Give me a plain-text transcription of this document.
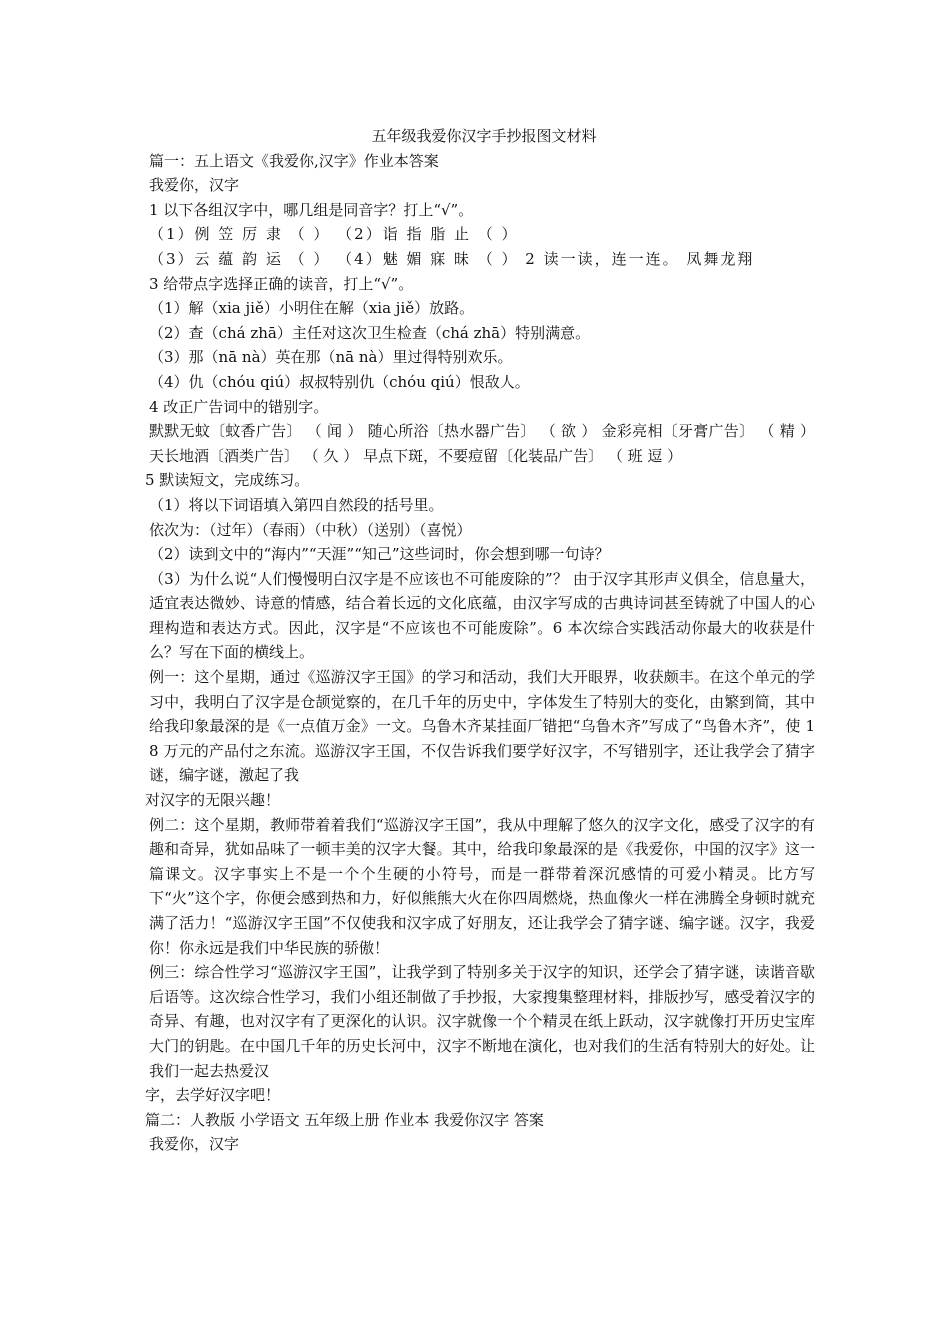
五年级我爱你汉字手抄报图文材料

篇一：五上语文《我爱你,汉字》作业本答案

我爱你，汉字

1 以下各组汉字中，哪几组是同音字？打上“√”。

（1）例 笠 厉 隶 （ ） （2）诣 指 脂 止 （ ）

（3）云 蕴 韵 运 （ ） （4）魅 媚 寐 昧 （ ） 2 读一读，连一连。 凤舞龙翔

3 给带点字选择正确的读音，打上“√”。

（1）解（xia jiě）小明住在解（xia jiě）放路。

（2）查（chá zhā）主任对这次卫生检查（chá zhā）特别满意。

（3）那（nā nà）英在那（nā nà）里过得特别欢乐。

（4）仇（chóu qiú）叔叔特别仇（chóu qiú）恨敌人。

4 改正广告词中的错别字。

默默无蚊〔蚊香广告〕 （ 闻 ） 随心所浴〔热水器广告〕 （ 欲 ） 金彩亮相〔牙膏广告〕 （ 精 ） 天长地酒〔酒类广告〕 （ 久 ） 早点下斑，不要痘留〔化装品广告〕 （ 班 逗 ）

5 默读短文，完成练习。

（1）将以下词语填入第四自然段的括号里。

依次为：（过年）（春雨）（中秋）（送别）（喜悦）

（2）读到文中的“海内”“天涯”“知己”这些词时，你会想到哪一句诗？

（3）为什么说“人们慢慢明白汉字是不应该也不可能废除的”？ 由于汉字其形声义俱全，信息量大，适宜表达微妙、诗意的情感，结合着长远的文化底蕴，由汉字写成的古典诗词甚至铸就了中国人的心理构造和表达方式。因此，汉字是“不应该也不可能废除”。6 本次综合实践活动你最大的收获是什么？写在下面的横线上。

例一：这个星期，通过《巡游汉字王国》的学习和活动，我们大开眼界，收获颇丰。在这个单元的学习中，我明白了汉字是仓颉觉察的，在几千年的历史中，字体发生了特别大的变化，由繁到简，其中给我印象最深的是《一点值万金》一文。乌鲁木齐某挂面厂错把“乌鲁木齐”写成了“鸟鲁木齐”，使 18 万元的产品付之东流。巡游汉字王国，不仅告诉我们要学好汉字，不写错别字，还让我学会了猜字谜，编字谜，激起了我

对汉字的无限兴趣！

例二：这个星期，教师带着着我们“巡游汉字王国”，我从中理解了悠久的汉字文化，感受了汉字的有趣和奇异，犹如品味了一顿丰美的汉字大餐。其中，给我印象最深的是《我爱你，中国的汉字》这一篇课文。汉字事实上不是一个个生硬的小符号，而是一群带着深沉感情的可爱小精灵。比方写下“火”这个字，你便会感到热和力，好似熊熊大火在你四周燃烧，热血像火一样在沸腾全身顿时就充满了活力！“巡游汉字王国”不仅使我和汉字成了好朋友，还让我学会了猜字谜、编字谜。汉字，我爱你！你永远是我们中华民族的骄傲！

例三：综合性学习“巡游汉字王国”，让我学到了特别多关于汉字的知识，还学会了猜字谜，读谐音歇后语等。这次综合性学习，我们小组还制做了手抄报，大家搜集整理材料，排版抄写，感受着汉字的奇异、有趣，也对汉字有了更深化的认识。汉字就像一个个精灵在纸上跃动，汉字就像打开历史宝库大门的钥匙。在中国几千年的历史长河中，汉字不断地在演化，也对我们的生活有特别大的好处。让我们一起去热爱汉

字，去学好汉字吧！

篇二：人教版 小学语文 五年级上册 作业本 我爱你汉字 答案

我爱你，汉字
